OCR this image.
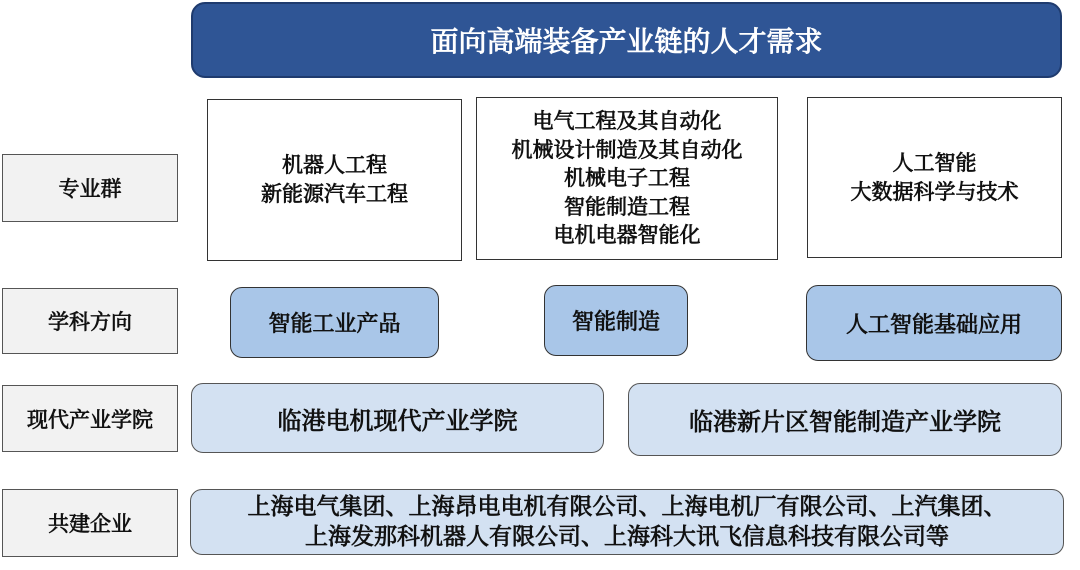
面向高端装备产业链的人才需求
专业群
学科方向
现代产业学院
共建企业
机器人工程
新能源汽车工程
电气工程及其自动化
机械设计制造及其自动化
机械电子工程
智能制造工程
电机电器智能化
人工智能
大数据科学与技术
智能工业产品	智能制造	人工智能基础应用
临港电机现代产业学院	临港新片区智能制造产业学院
上海电气集团、上海昂电电机有限公司、上海电机厂有限公司、上汽集团、
上海发那科机器人有限公司、上海科大讯飞信息科技有限公司等
